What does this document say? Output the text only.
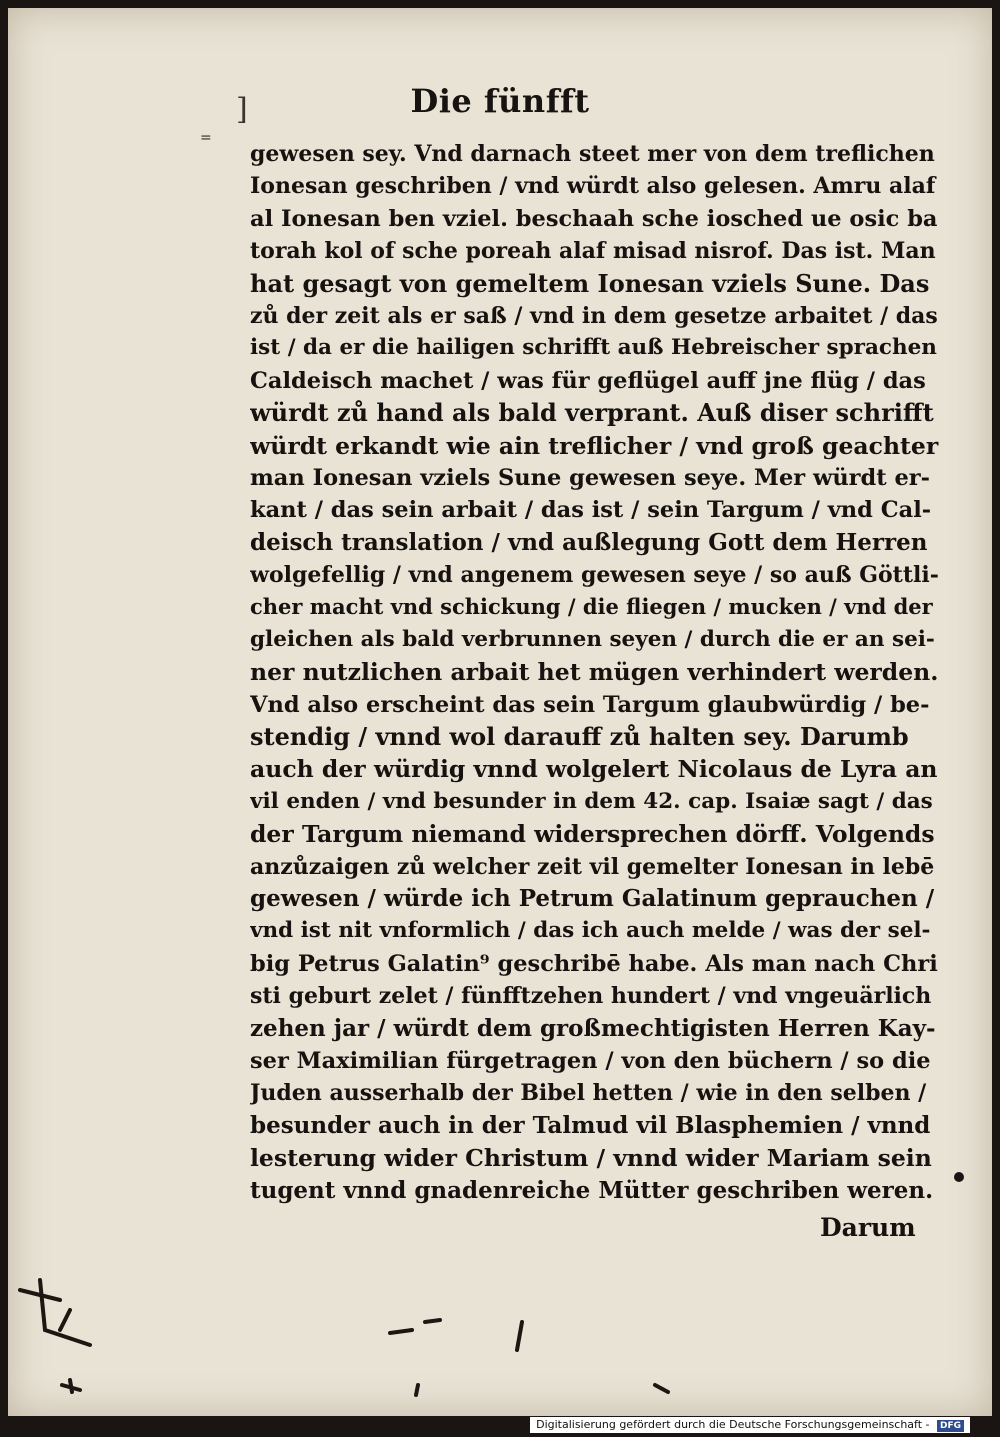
]	Die fünfft
=
gewesen sey. Vnd darnach steet mer von dem treflichen
Ionesan geschriben / vnd würdt also gelesen. Amru alaf
al Ionesan ben vziel. beschaah sche iosched ue osic ba
torah kol of sche poreah alaf misad nisrof. Das ist. Man
hat gesagt von gemeltem Ionesan vziels Sune. Das
zů der zeit als er saß / vnd in dem gesetze arbaitet / das
ist / da er die hailigen schrifft auß Hebreischer sprachen
Caldeisch machet / was für geflügel auff jne flüg / das
würdt zů hand als bald verprant. Auß diser schrifft
würdt erkandt wie ain treflicher / vnd groß geachter
man Ionesan vziels Sune gewesen seye. Mer würdt er-
kant / das sein arbait / das ist / sein Targum / vnd Cal-
deisch translation / vnd außlegung Gott dem Herren
wolgefellig / vnd angenem gewesen seye / so auß Göttli-
cher macht vnd schickung / die fliegen / mucken / vnd der
gleichen als bald verbrunnen seyen / durch die er an sei-
ner nutzlichen arbait het mügen verhindert werden.
Vnd also erscheint das sein Targum glaubwürdig / be-
stendig / vnnd wol darauff zů halten sey. Darumb
auch der würdig vnnd wolgelert Nicolaus de Lyra an
vil enden / vnd besunder in dem 42. cap. Isaiæ sagt / das
der Targum niemand widersprechen dörff. Volgends
anzůzaigen zů welcher zeit vil gemelter Ionesan in lebē
gewesen / würde ich Petrum Galatinum geprauchen /
vnd ist nit vnformlich / das ich auch melde / was der sel-
big Petrus Galatin⁹ geschribē habe. Als man nach Chri
sti geburt zelet / fünfftzehen hundert / vnd vngeuärlich
zehen jar / würdt dem großmechtigisten Herren Kay-
ser Maximilian fürgetragen / von den büchern / so die
Juden ausserhalb der Bibel hetten / wie in den selben /
besunder auch in der Talmud vil Blasphemien / vnnd
lesterung wider Christum / vnnd wider Mariam sein
tugent vnnd gnadenreiche Mütter geschriben weren.
Darum
Digitalisierung gefördert durch die Deutsche Forschungsgemeinschaft - DFG
